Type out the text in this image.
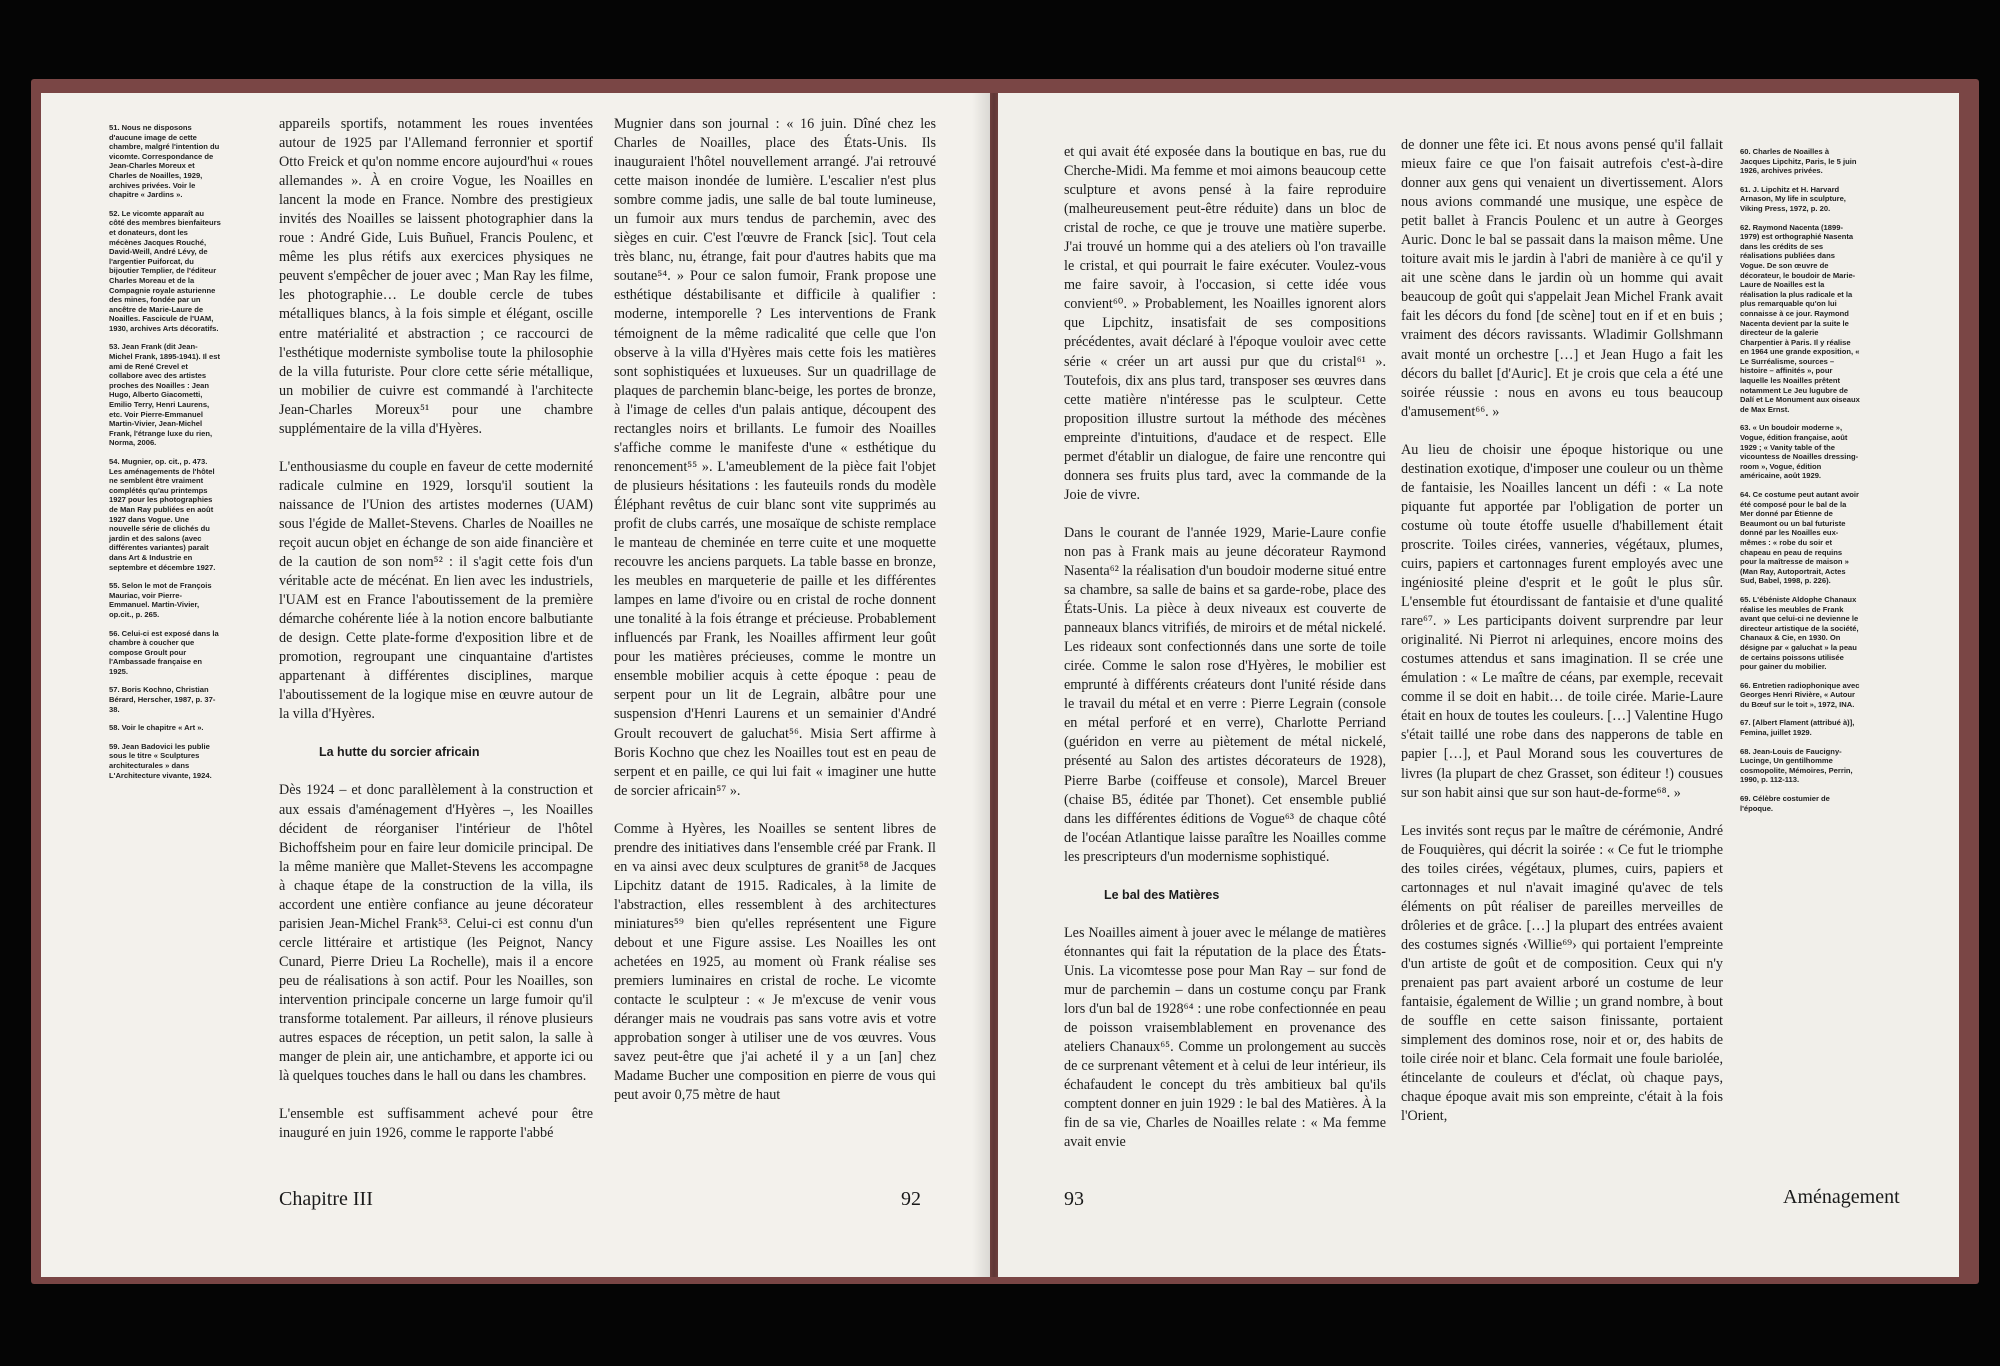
51. Nous ne disposons d'aucune image de cette chambre, malgré l'intention du vicomte. Correspondance de Jean-Charles Moreux et Charles de Noailles, 1929, archives privées. Voir le chapitre « Jardins ».
52. Le vicomte apparaît au côté des membres bienfaiteurs et donateurs, dont les mécènes Jacques Rouché, David-Weill, André Lévy, de l'argentier Puiforcat, du bijoutier Templier, de l'éditeur Charles Moreau et de la Compagnie royale asturienne des mines, fondée par un ancêtre de Marie-Laure de Noailles. Fascicule de l'UAM, 1930, archives Arts décoratifs.
53. Jean Frank (dit Jean-Michel Frank, 1895-1941). Il est ami de René Crevel et collabore avec des artistes proches des Noailles : Jean Hugo, Alberto Giacometti, Emilio Terry, Henri Laurens, etc. Voir Pierre-Emmanuel Martin-Vivier, Jean-Michel Frank, l'étrange luxe du rien, Norma, 2006.
54. Mugnier, op. cit., p. 473. Les aménagements de l'hôtel ne semblent être vraiment complétés qu'au printemps 1927 pour les photographies de Man Ray publiées en août 1927 dans Vogue. Une nouvelle série de clichés du jardin et des salons (avec différentes variantes) paraît dans Art & Industrie en septembre et décembre 1927.
55. Selon le mot de François Mauriac, voir Pierre-Emmanuel. Martin-Vivier, op.cit., p. 265.
56. Celui-ci est exposé dans la chambre à coucher que compose Groult pour l'Ambassade française en 1925.
57. Boris Kochno, Christian Bérard, Herscher, 1987, p. 37-38.
58. Voir le chapitre « Art ».
59. Jean Badovici les publie sous le titre « Sculptures architecturales » dans L'Architecture vivante, 1924.

appareils sportifs, notamment les roues inventées autour de 1925 par l'Allemand ferronnier et sportif Otto Freick et qu'on nomme encore aujourd'hui « roues allemandes ». À en croire Vogue, les Noailles en lancent la mode en France. Nombre des prestigieux invités des Noailles se laissent photographier dans la roue : André Gide, Luis Buñuel, Francis Poulenc, et même les plus rétifs aux exercices physiques ne peuvent s'empêcher de jouer avec ; Man Ray les filme, les photographie… Le double cercle de tubes métalliques blancs, à la fois simple et élégant, oscille entre matérialité et abstraction ; ce raccourci de l'esthétique moderniste symbolise toute la philosophie de la villa futuriste. Pour clore cette série métallique, un mobilier de cuivre est commandé à l'architecte Jean-Charles Moreux⁵¹ pour une chambre supplémentaire de la villa d'Hyères.

L'enthousiasme du couple en faveur de cette modernité radicale culmine en 1929, lorsqu'il soutient la naissance de l'Union des artistes modernes (UAM) sous l'égide de Mallet-Stevens. Charles de Noailles ne reçoit aucun objet en échange de son aide financière et de la caution de son nom⁵² : il s'agit cette fois d'un véritable acte de mécénat. En lien avec les industriels, l'UAM est en France l'aboutissement de la première démarche cohérente liée à la notion encore balbutiante de design. Cette plate-forme d'exposition libre et de promotion, regroupant une cinquantaine d'artistes appartenant à différentes disciplines, marque l'aboutissement de la logique mise en œuvre autour de la villa d'Hyères.

La hutte du sorcier africain

Dès 1924 – et donc parallèlement à la construction et aux essais d'aménagement d'Hyères –, les Noailles décident de réorganiser l'intérieur de l'hôtel Bichoffsheim pour en faire leur domicile principal. De la même manière que Mallet-Stevens les accompagne à chaque étape de la construction de la villa, ils accordent une entière confiance au jeune décorateur parisien Jean-Michel Frank⁵³. Celui-ci est connu d'un cercle littéraire et artistique (les Peignot, Nancy Cunard, Pierre Drieu La Rochelle), mais il a encore peu de réalisations à son actif. Pour les Noailles, son intervention principale concerne un large fumoir qu'il transforme totalement. Par ailleurs, il rénove plusieurs autres espaces de réception, un petit salon, la salle à manger de plein air, une antichambre, et apporte ici ou là quelques touches dans le hall ou dans les chambres.

L'ensemble est suffisamment achevé pour être inauguré en juin 1926, comme le rapporte l'abbé

Mugnier dans son journal : « 16 juin. Dîné chez les Charles de Noailles, place des États-Unis. Ils inauguraient l'hôtel nouvellement arrangé. J'ai retrouvé cette maison inondée de lumière. L'escalier n'est plus sombre comme jadis, une salle de bal toute lumineuse, un fumoir aux murs tendus de parchemin, avec des sièges en cuir. C'est l'œuvre de Franck [sic]. Tout cela très blanc, nu, étrange, fait pour d'autres habits que ma soutane⁵⁴. » Pour ce salon fumoir, Frank propose une esthétique déstabilisante et difficile à qualifier : moderne, intemporelle ? Les interventions de Frank témoignent de la même radicalité que celle que l'on observe à la villa d'Hyères mais cette fois les matières sont sophistiquées et luxueuses. Sur un quadrillage de plaques de parchemin blanc-beige, les portes de bronze, à l'image de celles d'un palais antique, découpent des rectangles noirs et brillants. Le fumoir des Noailles s'affiche comme le manifeste d'une « esthétique du renoncement⁵⁵ ». L'ameublement de la pièce fait l'objet de plusieurs hésitations : les fauteuils ronds du modèle Éléphant revêtus de cuir blanc sont vite supprimés au profit de clubs carrés, une mosaïque de schiste remplace le manteau de cheminée en terre cuite et une moquette recouvre les anciens parquets. La table basse en bronze, les meubles en marqueterie de paille et les différentes lampes en lame d'ivoire ou en cristal de roche donnent une tonalité à la fois étrange et précieuse. Probablement influencés par Frank, les Noailles affirment leur goût pour les matières précieuses, comme le montre un ensemble mobilier acquis à cette époque : peau de serpent pour un lit de Legrain, albâtre pour une suspension d'Henri Laurens et un semainier d'André Groult recouvert de galuchat⁵⁶. Misia Sert affirme à Boris Kochno que chez les Noailles tout est en peau de serpent et en paille, ce qui lui fait « imaginer une hutte de sorcier africain⁵⁷ ».

Comme à Hyères, les Noailles se sentent libres de prendre des initiatives dans l'ensemble créé par Frank. Il en va ainsi avec deux sculptures de granit⁵⁸ de Jacques Lipchitz datant de 1915. Radicales, à la limite de l'abstraction, elles ressemblent à des architectures miniatures⁵⁹ bien qu'elles représentent une Figure debout et une Figure assise. Les Noailles les ont achetées en 1925, au moment où Frank réalise ses premiers luminaires en cristal de roche. Le vicomte contacte le sculpteur : « Je m'excuse de venir vous déranger mais ne voudrais pas sans votre avis et votre approbation songer à utiliser une de vos œuvres. Vous savez peut-être que j'ai acheté il y a un [an] chez Madame Bucher une composition en pierre de vous qui peut avoir 0,75 mètre de haut

Chapitre III	92

et qui avait été exposée dans la boutique en bas, rue du Cherche-Midi. Ma femme et moi aimons beaucoup cette sculpture et avons pensé à la faire reproduire (malheureusement peut-être réduite) dans un bloc de cristal de roche, ce que je trouve une matière superbe. J'ai trouvé un homme qui a des ateliers où l'on travaille le cristal, et qui pourrait le faire exécuter. Voulez-vous me faire savoir, à l'occasion, si cette idée vous convient⁶⁰. » Probablement, les Noailles ignorent alors que Lipchitz, insatisfait de ses compositions précédentes, avait déclaré à l'époque vouloir avec cette série « créer un art aussi pur que du cristal⁶¹ ». Toutefois, dix ans plus tard, transposer ses œuvres dans cette matière n'intéresse pas le sculpteur. Cette proposition illustre surtout la méthode des mécènes empreinte d'intuitions, d'audace et de respect. Elle permet d'établir un dialogue, de faire une rencontre qui donnera ses fruits plus tard, avec la commande de la Joie de vivre.

Dans le courant de l'année 1929, Marie-Laure confie non pas à Frank mais au jeune décorateur Raymond Nasenta⁶² la réalisation d'un boudoir moderne situé entre sa chambre, sa salle de bains et sa garde-robe, place des États-Unis. La pièce à deux niveaux est couverte de panneaux blancs vitrifiés, de miroirs et de métal nickelé. Les rideaux sont confectionnés dans une sorte de toile cirée. Comme le salon rose d'Hyères, le mobilier est emprunté à différents créateurs dont l'unité réside dans le travail du métal et en verre : Pierre Legrain (console en métal perforé et en verre), Charlotte Perriand (guéridon en verre au piètement de métal nickelé, présenté au Salon des artistes décorateurs de 1928), Pierre Barbe (coiffeuse et console), Marcel Breuer (chaise B5, éditée par Thonet). Cet ensemble publié dans les différentes éditions de Vogue⁶³ de chaque côté de l'océan Atlantique laisse paraître les Noailles comme les prescripteurs d'un modernisme sophistiqué.

Le bal des Matières

Les Noailles aiment à jouer avec le mélange de matières étonnantes qui fait la réputation de la place des États-Unis. La vicomtesse pose pour Man Ray – sur fond de mur de parchemin – dans un costume conçu par Frank lors d'un bal de 1928⁶⁴ : une robe confectionnée en peau de poisson vraisemblablement en provenance des ateliers Chanaux⁶⁵. Comme un prolongement au succès de ce surprenant vêtement et à celui de leur intérieur, ils échafaudent le concept du très ambitieux bal qu'ils comptent donner en juin 1929 : le bal des Matières. À la fin de sa vie, Charles de Noailles relate : « Ma femme avait envie

de donner une fête ici. Et nous avons pensé qu'il fallait mieux faire ce que l'on faisait autrefois c'est-à-dire donner aux gens qui venaient un divertissement. Alors nous avions commandé une musique, une espèce de petit ballet à Francis Poulenc et un autre à Georges Auric. Donc le bal se passait dans la maison même. Une toiture avait mis le jardin à l'abri de manière à ce qu'il y ait une scène dans le jardin où un homme qui avait beaucoup de goût qui s'appelait Jean Michel Frank avait fait les décors du fond [de scène] tout en if et en buis ; vraiment des décors ravissants. Wladimir Gollshmann avait monté un orchestre […] et Jean Hugo a fait les décors du ballet [d'Auric]. Et je crois que cela a été une soirée réussie : nous en avons eu tous beaucoup d'amusement⁶⁶. »

Au lieu de choisir une époque historique ou une destination exotique, d'imposer une couleur ou un thème de fantaisie, les Noailles lancent un défi : « La note piquante fut apportée par l'obligation de porter un costume où toute étoffe usuelle d'habillement était proscrite. Toiles cirées, vanneries, végétaux, plumes, cuirs, papiers et cartonnages furent employés avec une ingéniosité pleine d'esprit et le goût le plus sûr. L'ensemble fut étourdissant de fantaisie et d'une qualité rare⁶⁷. » Les participants doivent surprendre par leur originalité. Ni Pierrot ni arlequines, encore moins des costumes attendus et sans imagination. Il se crée une émulation : « Le maître de céans, par exemple, recevait comme il se doit en habit… de toile cirée. Marie-Laure était en houx de toutes les couleurs. […] Valentine Hugo s'était taillé une robe dans des napperons de table en papier […], et Paul Morand sous les couvertures de livres (la plupart de chez Grasset, son éditeur !) cousues sur son habit ainsi que sur son haut-de-forme⁶⁸. »

Les invités sont reçus par le maître de cérémonie, André de Fouquières, qui décrit la soirée : « Ce fut le triomphe des toiles cirées, végétaux, plumes, cuirs, papiers et cartonnages et nul n'avait imaginé qu'avec de tels éléments on pût réaliser de pareilles merveilles de drôleries et de grâce. […] la plupart des entrées avaient des costumes signés ‹Willie⁶⁹› qui portaient l'empreinte d'un artiste de goût et de composition. Ceux qui n'y prenaient pas part avaient arboré un costume de leur fantaisie, également de Willie ; un grand nombre, à bout de souffle en cette saison finissante, portaient simplement des dominos rose, noir et or, des habits de toile cirée noir et blanc. Cela formait une foule bariolée, étincelante de couleurs et d'éclat, où chaque pays, chaque époque avait mis son empreinte, c'était à la fois l'Orient,

60. Charles de Noailles à Jacques Lipchitz, Paris, le 5 juin 1926, archives privées.
61. J. Lipchitz et H. Harvard Arnason, My life in sculpture, Viking Press, 1972, p. 20.
62. Raymond Nacenta (1899-1979) est orthographié Nasenta dans les crédits de ses réalisations publiées dans Vogue. De son œuvre de décorateur, le boudoir de Marie-Laure de Noailles est la réalisation la plus radicale et la plus remarquable qu'on lui connaisse à ce jour. Raymond Nacenta devient par la suite le directeur de la galerie Charpentier à Paris. Il y réalise en 1964 une grande exposition, « Le Surréalisme, sources – histoire – affinités », pour laquelle les Noailles prêtent notamment Le Jeu lugubre de Dalí et Le Monument aux oiseaux de Max Ernst.
63. « Un boudoir moderne », Vogue, édition française, août 1929 ; « Vanity table of the vicountess de Noailles dressing-room », Vogue, édition américaine, août 1929.
64. Ce costume peut autant avoir été composé pour le bal de la Mer donné par Étienne de Beaumont ou un bal futuriste donné par les Noailles eux-mêmes : « robe du soir et chapeau en peau de requins pour la maîtresse de maison » (Man Ray, Autoportrait, Actes Sud, Babel, 1998, p. 226).
65. L'ébéniste Aldophe Chanaux réalise les meubles de Frank avant que celui-ci ne devienne le directeur artistique de la société, Chanaux & Cie, en 1930. On désigne par « galuchat » la peau de certains poissons utilisée pour gainer du mobilier.
66. Entretien radiophonique avec Georges Henri Rivière, « Autour du Bœuf sur le toit », 1972, INA.
67. [Albert Flament (attribué à)], Femina, juillet 1929.
68. Jean-Louis de Faucigny-Lucinge, Un gentilhomme cosmopolite, Mémoires, Perrin, 1990, p. 112-113.
69. Célèbre costumier de l'époque.
93	Aménagement
